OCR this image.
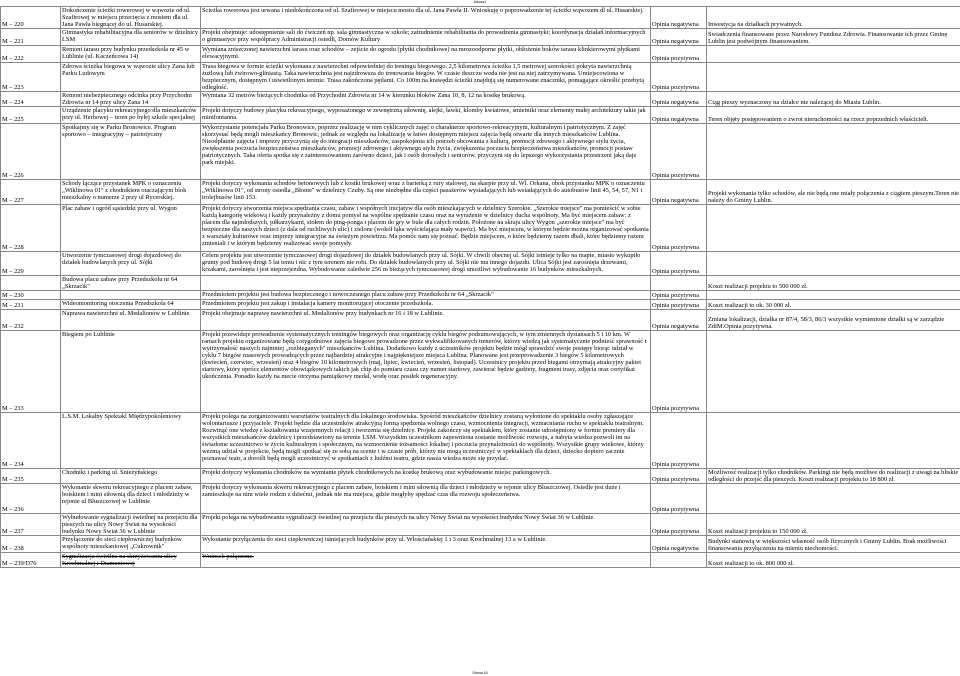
Arkusz1
M – 220	Dokończenie ścieżki rowerowej w wąwozie od ul. Szafirowej w miejscu przecięcia z mostem dla ul. Jana Pawła biegnącej do ul. Husarskiej.	Ścieżka rowerowa jest urwana i niedokończona od ul. Szafirowej w miejscu mostu dla ul. Jana Pawła II. Wnioskuję o poprowadzenie tej ścieżki wąwozem dl ul. Husarskiej.	Opinia negatywna	Inwestycja na działkach prywatnych.
M – 221	Gimnastyka rehabilitacyjna dla seniorów w dzielnicy LSM	Projekt obejmuje: udostępnienie sali do ćwiczeń np. sala gimnastyczna w szkole; zatrudnienie rehabilitanta do prowadzenia gimnastyki; koordynacja działań informacyjnych o gimnastyce przy współpracy Administracji osiedli, Domów Kultury	Opinia negatywna	Świadczenia finansowane przez Narodowy Fundusz Zdrowia. Finansowanie ich przez Gminę Lublin jest podwójnym finansowaniem.
M – 222	Remont tarasu przy budynku przedszkola nr 45 w Lublinie (ul. Kaczeńcowa 14)	Wymiana zniszczonej nawierzchni tarasu oraz schodów – zejście do ogrodu (płytki chodnikowe) na mrozoodporne płytki, obłożenie boków tarasu klinkierowymi płytkami elewacyjnymi.	Opinia pozytywna	
M – 223	Zdrowa ścieżka biegowa w wąwozie ulicy Zana lub Parku Ludowym	Trasa biegowa w formie ścieżki wykonana z nawierzchni odpowiedniej do treningu biegowego. 2,5 kilometrowa ścieżka 1,5 metrowej szerokości pokryta nawierzchnią żużlową lub żwirowo-gliniastą. Taka nawierzchnia jest najzdrowsza do trenowania biegów. W czasie deszczu woda nie jest na niej zatrzymywana. Umiejscowiona w bezpiecznym, dostępnym i uświetlonym terenie. Trasa zakończona pętlami. Co 100m na krawędzi ścieżki znajdują się numerowane znaczniki, pomagające określić przebytą odległość.	Opinia pozytywna	
M – 224	Remont niebezpiecznego odcinka przy Przychodni Zdrowia nr 14 przy ulicy Zana 14	Wymiana 32 metrów bieżących chodnika od Przychodni Zdrowia nr 14 w kierunku bloków Zana 10, 8, 12 na kostkę brukową.	Opinia negatywna	Ciąg pieszy wyznaczony na działce nie należącej do Miasta Lublin.
M – 225	Urządzenie placyku rekreacyjnego dla mieszkańców przy ul. Herbowej – teren po byłej szkole specjalnej	Projekt dotyczy budowy placyku rekreacyjnego, wyposażonego w zewnętrzną siłownię, alejki, ławki, klomby kwiatowe, śmietniki oraz elementy małej architektury takie jak minifontanna.	Opinia negatywna	Teren objęty postępowaniem o zwrot nieruchomości na rzecz poprzednich właścicieli.
M – 226	Spotkajmy się w Parku Bronowice. Program sportowo – integracyjny – patriotyczny	Wykorzystanie potencjału Parku Bronowice, poprzez realizację w nim cyklicznych zajęć o charakterze sportowo-rekreacyjnym, kulturalnym i patriotycznym. Z zajęć skorzystać będą mogli mieszkańcy Bronowic, jednak ze względu na lokalizację w łatwo dostępnym miejscu zajęcia będą otwarte dla innych mieszkańców Lublina. Nieodpłatnie zajęcia i imprezy przyczynią się do integracji mieszkańców, zaspokojenia ich potrzeb obcowania z kulturą, promocji zdrowego i aktywnego stylu życia, zwiększenia poczucia bezpieczeństwa mieszkańców, promocji zdrowego i aktywnego stylu życia, zwiększenia poczucia bezpieczeństwa mieszkańców, promocji postaw patriotycznych. Taka oferta spotka się z zainteresowaniem zarówno dzieci, jak i osób dorosłych i seniorów, przyczyni się do lepszego wykorzystania przestrzeni jaką daje park miejski.	Opinia pozytywna	
M – 227	Schody łączące przystanek MPK o oznaczeniu „Wiklinowa 01" z chodnikiem otaczającym blok mieszkalny o numerze 2 przy ul Rycerskiej.	Projekt dotyczy wykonania schodów betonowych lub z kostki brukowej wraz z barierką z rury stalowej, na skarpie przy ul. Wl. Orkana, obok przystanku MPK o oznaczeniu „Wiklinowa 01", od strony osiedla „Błonie" w dzielnicy Czuby. Są one niezbędne dla części pasażerów wysiadających lub wsiadających do autobusów linii 45, 54, 57, N1 i trolejbusów linii 153.	Opinia negatywna	Projekt wykonania tylko schodów, ale nie będą one miały połączenia z ciągiem pieszym.Teren nie należy do Gminy Lublin.
M – 228	Plac zabaw i ogród sąsiedzki przy ul. Wygon	Projekt dotyczy stworzenia miejsca spędzania czasu, zabaw i współnych inicjatyw dla osób mieszkających w dzielnicy Szerokie. „Szerokie miejsce" ma pomieścić w sobie każdą kategorię wiekową i każdy przynależny z domu pomysł na wspólne spędzanie czasu oraz na wyrażenie w dzielnicy ducha wspólnoty. Ma być miejscem zabaw: z placem dla najmłodszych, piłkarzykami, stołem do ping-ponga i placem do gry w bule dla całych rodzin. Położone na skraju ulicy Wygon „szerokie miejsce" ma być bezpieczne dla naszych dzieci (z dala od ruchliwych ulic) i zielone (wokół łąka wyścielająca mały wąwóz). Ma być miejscem, w którym będzie można organizować spotkania z warsztaty kulturowe oraz imprezy integracyjne na świeżym powietrzu. Ma pomóc nam się poznać. Będzie miejscem, o które będziemy razem dbali, które będziemy razem zmieniali i w którym będziemy realizować swoje pomysły.	Opinia pozytywna	
M – 229	Utworzenie tymczasowej drogi dojazdowej do działek budowlanych przy ul. Sójki	Celem projektu jest utworzenie tymczasowej drogi dojazdowej do działek budowlanych przy ul. Sójki. W chwili obecnej ul. Sójki istnieje tylko na mapie, miasto wykupiło grunty pod budowę drogi 5 lat temu i nic z tym terenem nie robi. Do działek budowlanych przy ul. Sójki nie ma innego dojazdu. Ulica Sójki jest zarośnięta drzewami, krzakami, zarośnięta i jest nieprzejezdna. Wybudowanie zaledwie 256 m bieżących tymczasowej drogi umożliwi wybudowanie 16 budynków mieszkalnych.	Opinia pozytywna	
	Budowa placu zabaw przy Przedszkolu nr 64 „Skrzacik"			Koszt realizacji projektu to 500 000 zł.
M – 230		Przedmiotem projektu jest budowa bezpiecznego i nowoczesnego placu zabaw przy Przedszkolu nr 64 „Skrzacik"	Opinia pozytywna	
M – 231	Wideomonitoring otoczenia Przedszkola 64	Przedmiotem projektu jest zakup i instalacja kamery monitorującej otoczenie przedszkola.	Opinia pozytywna	Koszt realizacji to ok. 30 000 zł.
M – 232	Naprawa nawierzchni ul. Medalionów w Lublinie	Projekt obejmuje naprawę nawierzchni ul. Medalionów przy budynkach nr 16 i 18 w Lublinie.	Opinia negatywna	Zmiana lokalizacji, działka nr 87/4, 58/3, 86/3 wszystkie wymienione działki są w zarządzie ZdiM.Opinia pozytywna.
M – 233	Biegiem po Lublinie	Projekt przewiduje prowadzenie systematycznych treningów biegowych oraz organizację cyklu biegów podsumowujących, w tym zmiennych dystansach 5 i 10 km. W ramach projektu organizowane będą cotygodniowe zajęcia biegowe prowadzone przez wykwalifikowanych trenerów, którzy wiedzą jak systematycznie podnieść sprawność i wytrzymałość naszych najmniej „rozbieganych" mieszkańców Lublina. Dodatkowo każdy z uczestników projektu będzie mógł sprawdzić swoje postępy biorąc udział w cyklu 7 biegów masowych prowadzących przez najbardziej atrakcyjne i najpiękniejsze miejsca Lublina. Planowane jest przeprowadzenie 3 biegów 5 kilometrowych (kwiecień, czerwiec, wrzesień) oraz 4 biegów 10 kilometrowych (maj, lipiec, kwiecień, wrzesień, listopad). Uczestnicy projektu przed biegami otrzymają atrakcyjny pakiet startowy, który oprócz elementów obowiązkowych takich jak chip do pomiaru czasu czy numer startowy, zawierać będzie gadżety, fragment trasy, zdjęcia oraz certyfikat ukończenia. Ponadto każdy na mecie otrzyma pamiątkowy medal, wodę oraz posiłek regeneracyjny.	Opinia pozytywna	
M – 234	L.S.M. Lokalny Spektakl Międzypokoleniowy	Projekt polega na zorganizowaniu warsztatów teatralnych dla lokalnego środowiska. Spośród mieszkańców dzielnicy zostaną wyłonione do spektaklu osoby zgłaszające wolontariusze i przyjaciele. Projekt będzie dla uczestników atrakcyjną formą spędzenia wolnego czasu, wzmocnienia integracji, wzmacniania ruchu w spektaklu teatralnym. Rozwinąć one wiedzę z kształtowania wzajemnych relacji i tworzenia się dzielnicy. Projekt zakończy się spektaklem, który zostanie udostępniony w formie premiery dla wszystkich mieszkańców dzielnicy i przedstawiony na terenie LSM. Wszystkim uczestnikom zapewniona zostanie możliwość rozwoju, a nabyta wiedza pozwoli im na świadome uczestnictwo w życiu kulturalnym i społecznym, na wzmocnienie tożsamości lokalnej i poczucia przynależności do wspólnoty. Wszystkie grupy wiekowe, którzy wezmą udział w projekcie, będą mogli spotkać się ze sobą na scenie i w czasie prób, którzy nie mogą uczestniczyć w spektaklach dla dzieci, dziecko dopiero zacznie poznawać teatr, a dorośli będą mogli uczestniczyć w spotkaniach z ludźmi teatru, gdzie nasza wiedza może się przydać.	Opinia pozytywna	
M – 235	Chodniki i parking ul. Śnieżyńskiego	Projekt dotyczy wykonania chodników na wymianie płytek chodnikowych na kostkę brukową oraz wybudowanie miejsc parkingowych.	Opinia pozytywna	Możliwość realizacji tylko chodników. Parkingi nie będą możliwe do realizacji z uwagi na bliskie odległości do przejść dla pieszych. Koszt realizacji projektu to 18 800 zł.
M – 236	Wykonanie skweru rekreacyjnego z placem zabaw, boiskiem i mini siłownią dla dzieci i młodzieży w rejonie ul Bluszczowej w Lublinie	Projekt dotyczy wykonania skweru rekreacyjnego z placem zabaw, boiskiem i mini siłownią dla dzieci i młodzieży w rejonie ulicy Bluszczowej. Osiedle jest duże i zamieszkuje na nim wiele rodzin z dziećmi, jednak nie ma miejsca, gdzie mogłyby spędzać czas dla rozwoju społeczeństwa.	Opinia pozytywna	
M – 237	Wybudowanie sygnalizacji świetlnej na przejściu dla pieszych na ulicy Nowy Świat na wysokości budynku Nowy Świat 36 w Lublinie	Projekt polega na wybudowaniu sygnalizacji świetlnej na przejściu dla pieszych na ulicy Nowy Świat na wysokości budynku Nowy Świat 36 w Lublinie.	Opinia pozytywna	Koszt realizacji projektu to 150 000 zł.
M – 238	Przyłączenie do sieci ciepłowniczej budynków wspólnoty mieszkaniowej „Cukrownik"	Wykonanie przyłączenia do sieci ciepłowniczej istniejących budynków przy ul. Włościańskiej 1 i 3 oraz Krochmalnej 13 a w Lublinie.	Opinia negatywna	Budynki stanowią w większości własność osób fizycznych i Gminy Lublin. Brak możliwości finansowania przyłączenia na mieniu niechomości.
M – 239/D76	Sygnalizacja świetlna na skrzyżowaniu ulicy Krochmalnej i Diamentowej	Wniosek połączone.		Koszt realizacji to ok. 800 000 zł.
Strona 16
